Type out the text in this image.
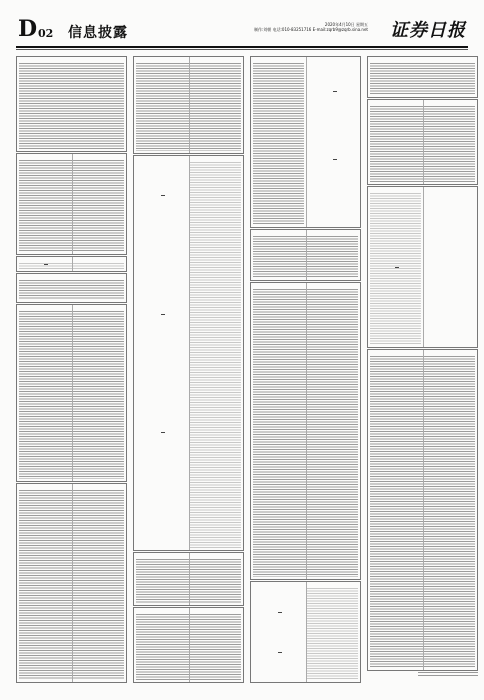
D 02 信息披露
2020年4月10日 星期五
制作:刘朝 电话:010-83251716 E-mail:zqrb9@zqrb.sina.net 证券日报
